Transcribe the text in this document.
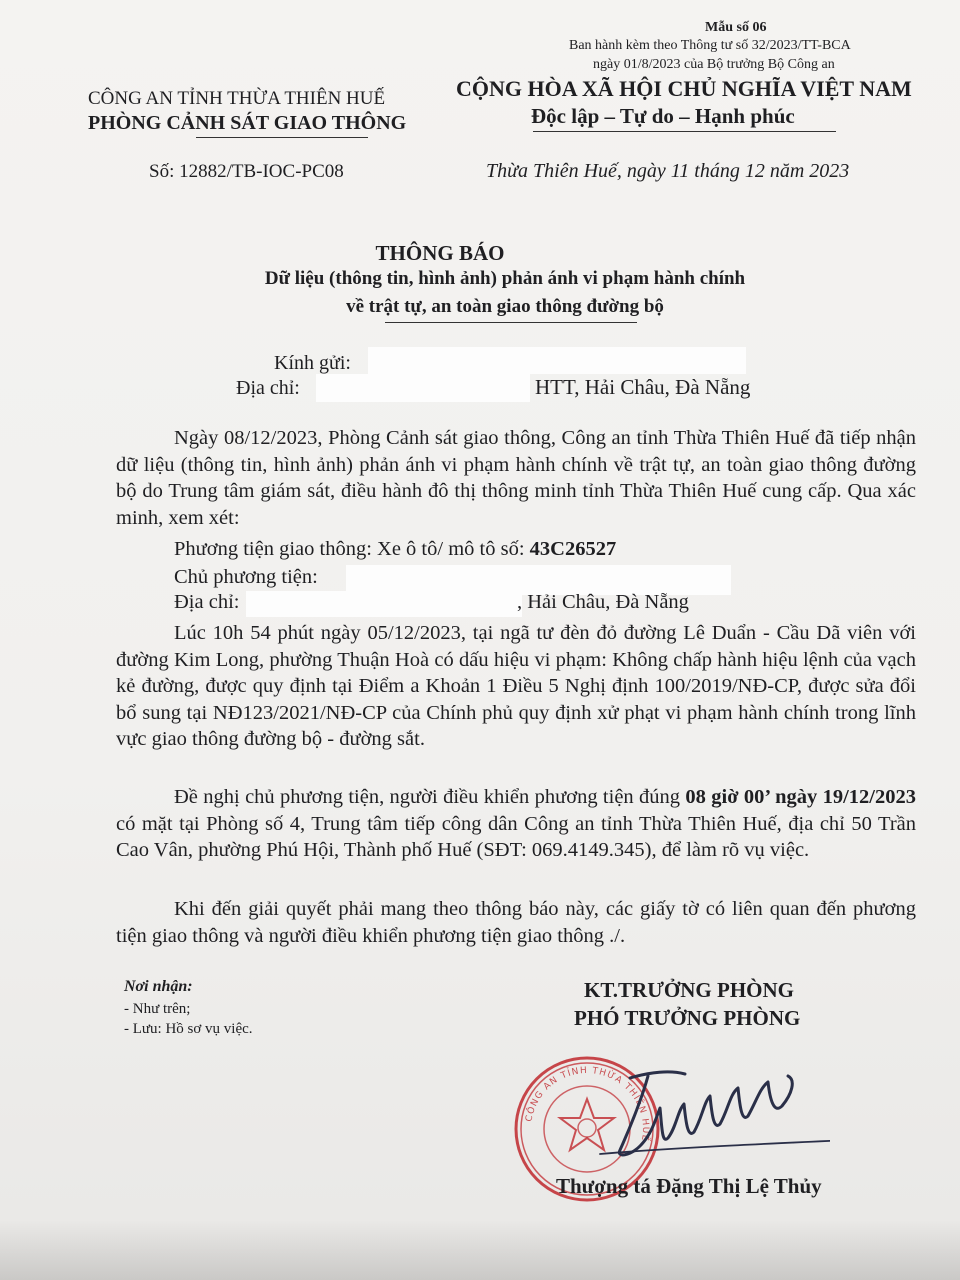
Mẫu số 06
Ban hành kèm theo Thông tư số 32/2023/TT-BCA
ngày 01/8/2023 của Bộ trưởng Bộ Công an
CÔNG AN TỈNH THỪA THIÊN HUẾ
PHÒNG CẢNH SÁT GIAO THÔNG
CỘNG HÒA XÃ HỘI CHỦ NGHĨA VIỆT NAM
Độc lập – Tự do – Hạnh phúc
Số: 12882/TB-IOC-PC08	Thừa Thiên Huế, ngày 11 tháng 12 năm 2023
THÔNG BÁO
Dữ liệu (thông tin, hình ảnh) phản ánh vi phạm hành chính
về trật tự, an toàn giao thông đường bộ
Kính gửi:
Địa chỉ:	HTT, Hải Châu, Đà Nẵng
Ngày 08/12/2023, Phòng Cảnh sát giao thông, Công an tỉnh Thừa Thiên Huế đã tiếp nhận dữ liệu (thông tin, hình ảnh) phản ánh vi phạm hành chính về trật tự, an toàn giao thông đường bộ do Trung tâm giám sát, điều hành đô thị thông minh tỉnh Thừa Thiên Huế cung cấp. Qua xác minh, xem xét:
Phương tiện giao thông: Xe ô tô/ mô tô số: 43C26527
Chủ phương tiện:
Địa chỉ:	, Hải Châu, Đà Nẵng
Lúc 10h 54 phút ngày 05/12/2023, tại ngã tư đèn đỏ đường Lê Duẩn - Cầu Dã viên với đường Kim Long, phường Thuận Hoà có dấu hiệu vi phạm: Không chấp hành hiệu lệnh của vạch kẻ đường, được quy định tại Điểm a Khoản 1 Điều 5 Nghị định 100/2019/NĐ-CP, được sửa đổi bổ sung tại NĐ123/2021/NĐ-CP của Chính phủ quy định xử phạt vi phạm hành chính trong lĩnh vực giao thông đường bộ - đường sắt.
Đề nghị chủ phương tiện, người điều khiển phương tiện đúng 08 giờ 00’ ngày 19/12/2023 có mặt tại Phòng số 4, Trung tâm tiếp công dân Công an tỉnh Thừa Thiên Huế, địa chỉ 50 Trần Cao Vân, phường Phú Hội, Thành phố Huế (SĐT: 069.4149.345), để làm rõ vụ việc.
Khi đến giải quyết phải mang theo thông báo này, các giấy tờ có liên quan đến phương tiện giao thông và người điều khiển phương tiện giao thông ./.
Nơi nhận:
- Như trên;
- Lưu: Hồ sơ vụ việc.
KT.TRƯỞNG PHÒNG
PHÓ TRƯỞNG PHÒNG
CÔNG AN TỈNH THỪA THIÊN HUẾ
Thượng tá Đặng Thị Lệ Thủy
